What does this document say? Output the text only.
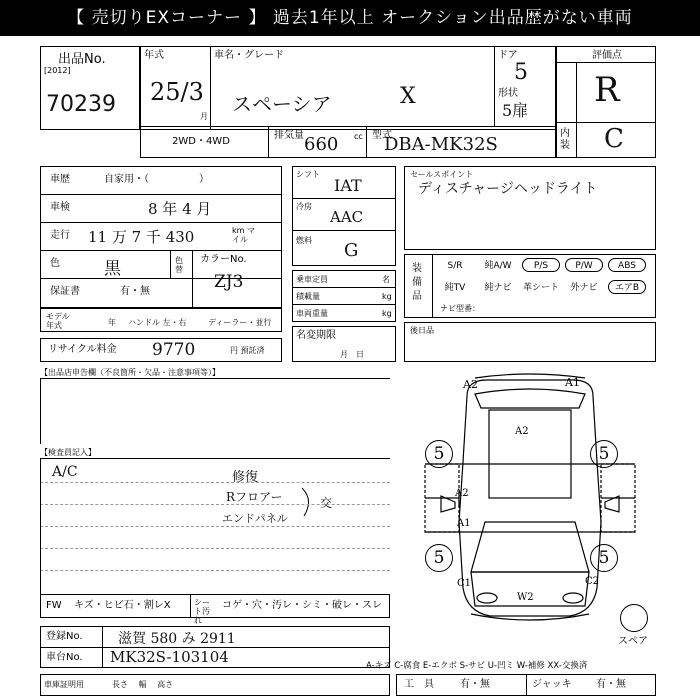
【 売切りEXコーナー 】 過去1年以上 オークション出品歴がない車両
出品No.
[2012]
70239
年式
25/3
月
車名・グレード
スペーシア	X
ドア
5
形状
5扉
評価点
R
内装 C
2WD・4WD
排気量 660 cc 型式
DBA-MK32S
車歴	自家用・（　　　　　）
車検	8 年 4 月
走行 11 万 7 千 430	km マイル
色	黒	色替
カラーNo.
ZJ3
保証書	有・無
モデル年式	年 ハンドル 左・右	ディーラー・並行
リサイクル料金 9770	円 預託済
シフト
IAT
冷房
AAC
燃料 G
乗車定員	名
積載量	kg
車両重量	kg
名変期限
月　日
セールスポイント
ディスチャージヘッドライト
装備品
S/R	純A/W	P/S	P/W	ABS
純TV	純ナビ	革シート	外ナビ	エアB
ナビ型番：
後日品
【出品店申告欄（不良箇所・欠品・注意事項等）】
【検査員記入】
A/C	修復
Rフロアー
エンドパネル
交
FW キズ・ヒビ石・割レX	シート汚れ
コゲ・穴・汚レ・シミ・破レ・スレ
登録No.	滋賀 580 み 2911
車台No. MK32S-103104
車庫証明用	長さ　 幅　 高さ
A2	A1
A2
A2
A1
C1
W2
C2
5	5
5	5
スペア
A-キズ C-腐食 E-エクボ S-サビ U-凹ミ W-補修 XX-交換済
工　具	有・無	ジャッキ 有・無
